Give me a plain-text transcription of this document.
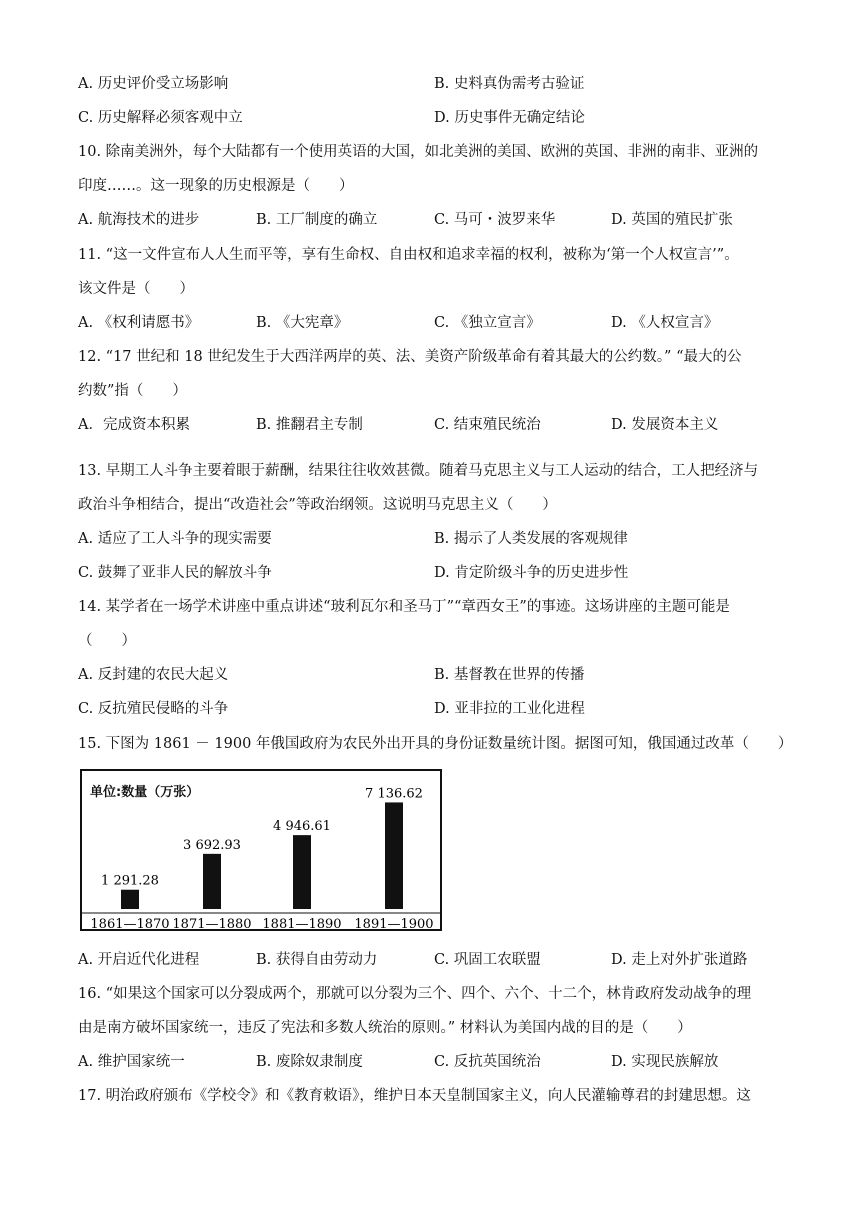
A. 历史评价受立场影响	B. 史料真伪需考古验证
C. 历史解释必须客观中立	D. 历史事件无确定结论
10. 除南美洲外，每个大陆都有一个使用英语的大国，如北美洲的美国、欧洲的英国、非洲的南非、亚洲的
印度……。这一现象的历史根源是（　　）
A. 航海技术的进步	B. 工厂制度的确立	C. 马可・波罗来华	D. 英国的殖民扩张
11. “这一文件宣布人人生而平等，享有生命权、自由权和追求幸福的权利，被称为‘第一个人权宣言’”。
该文件是（　　）
A. 《权利请愿书》	B. 《大宪章》	C. 《独立宣言》	D. 《人权宣言》
12. “17 世纪和 18 世纪发生于大西洋两岸的英、法、美资产阶级革命有着其最大的公约数。” “最大的公
约数”指（　　）
A．完成资本积累	B. 推翻君主专制	C. 结束殖民统治	D. 发展资本主义
13. 早期工人斗争主要着眼于薪酬，结果往往收效甚微。随着马克思主义与工人运动的结合，工人把经济与
政治斗争相结合，提出“改造社会”等政治纲领。这说明马克思主义（　　）
A. 适应了工人斗争的现实需要	B. 揭示了人类发展的客观规律
C. 鼓舞了亚非人民的解放斗争	D. 肯定阶级斗争的历史进步性
14. 某学者在一场学术讲座中重点讲述“玻利瓦尔和圣马丁”“章西女王”的事迹。这场讲座的主题可能是
（　　）
A. 反封建的农民大起义	B. 基督教在世界的传播
C. 反抗殖民侵略的斗争	D. 亚非拉的工业化进程
15. 下图为 1861 － 1900 年俄国政府为农民外出开具的身份证数量统计图。据图可知，俄国通过改革（　　）
单位:数量（万张）
1 291.28
1861—1870
3 692.93
1871—1880
4 946.61
1881—1890
7 136.62
1891—1900
A. 开启近代化进程	B. 获得自由劳动力	C. 巩固工农联盟	D. 走上对外扩张道路
16. “如果这个国家可以分裂成两个，那就可以分裂为三个、四个、六个、十二个，林肯政府发动战争的理
由是南方破坏国家统一，违反了宪法和多数人统治的原则。” 材料认为美国内战的目的是（　　）
A. 维护国家统一	B. 废除奴隶制度	C. 反抗英国统治	D. 实现民族解放
17. 明治政府颁布《学校令》和《教育敕语》，维护日本天皇制国家主义，向人民灌输尊君的封建思想。这
